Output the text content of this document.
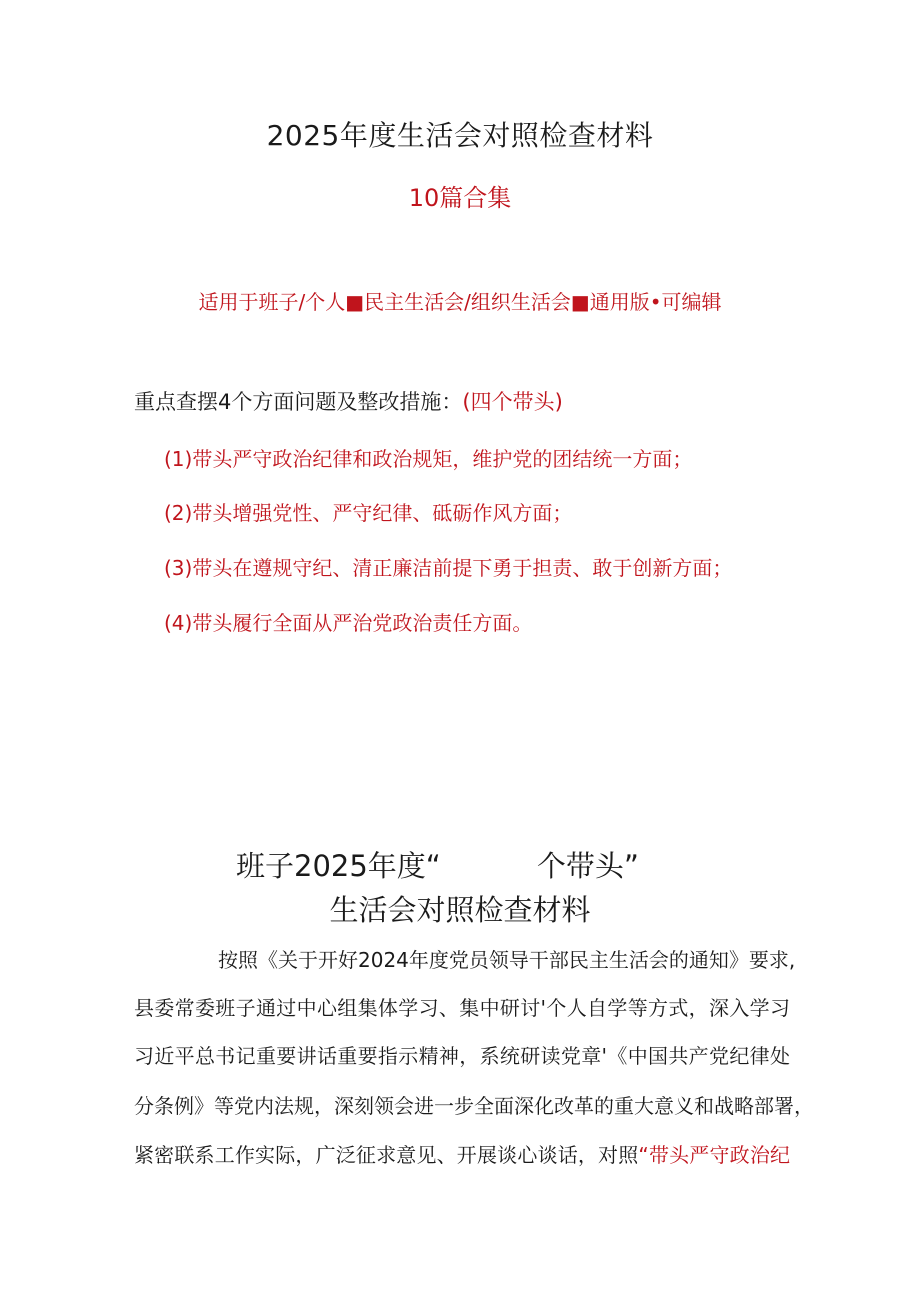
2025年度生活会对照检查材料
10篇合集
适用于班子/个人■民主生活会/组织生活会■通用版•可编辑
重点查摆4个方面问题及整改措施：(四个带头)
(1)带头严守政治纪律和政治规矩，维护党的团结统一方面；
(2)带头增强党性、严守纪律、砥砺作风方面；
(3)带头在遵规守纪、清正廉洁前提下勇于担责、敢于创新方面；
(4)带头履行全面从严治党政治责任方面。
班子2025年度“	个带头”
生活会对照检查材料
按照《关于开好2024年度党员领导干部民主生活会的通知》要求,
县委常委班子通过中心组集体学习、集中研讨'个人自学等方式，深入学习
习近平总书记重要讲话重要指示精神，系统研读党章'《中国共产党纪律处
分条例》等党内法规，深刻领会进一步全面深化改革的重大意义和战略部署，
紧密联系工作实际，广泛征求意见、开展谈心谈话，对照“带头严守政治纪
